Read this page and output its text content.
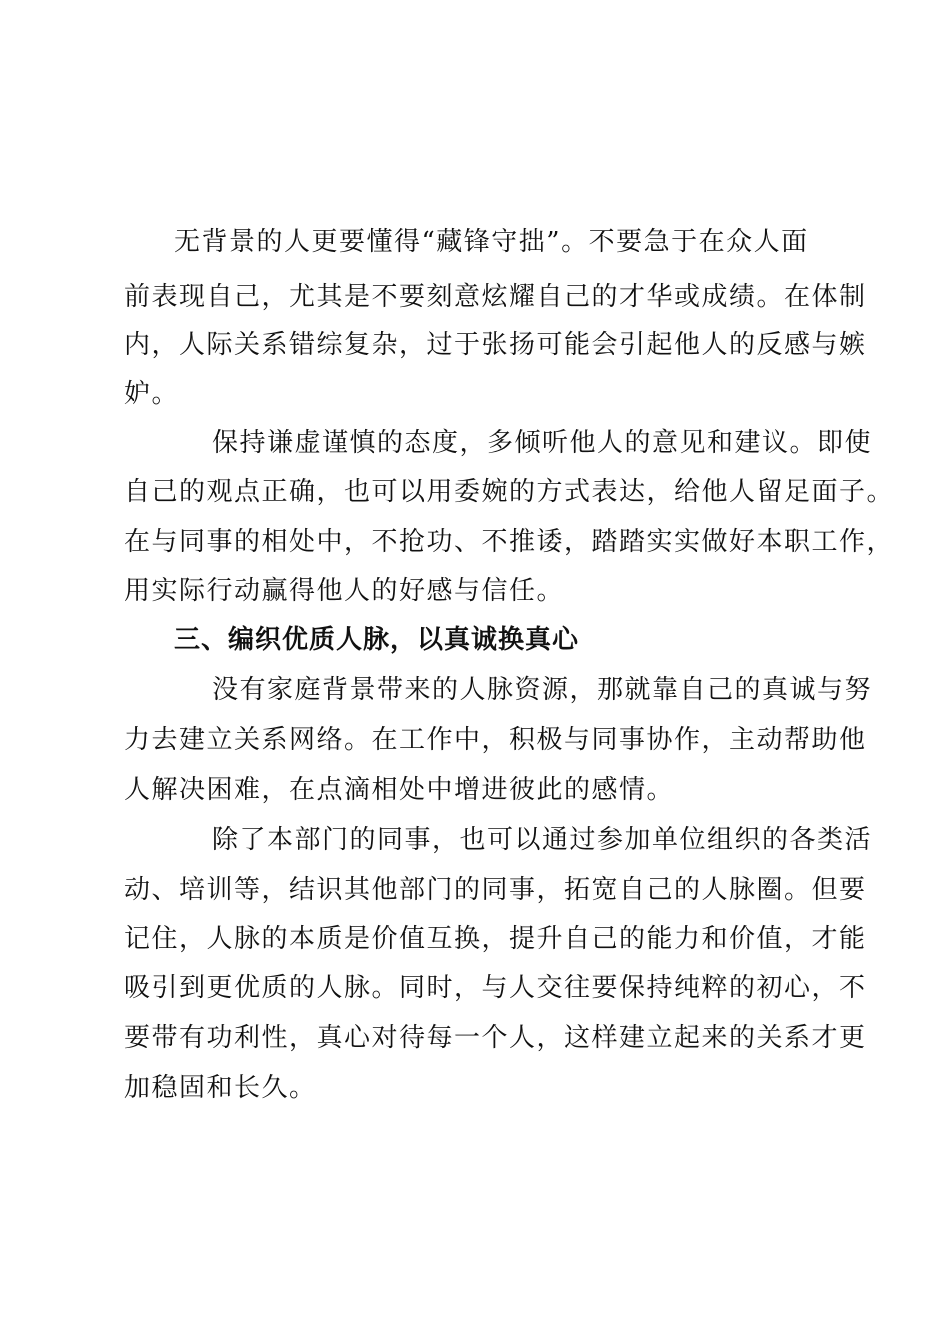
无背景的人更要懂得“藏锋守拙”。不要急于在众人面
前表现自己，尤其是不要刻意炫耀自己的才华或成绩。在体制
内，人际关系错综复杂，过于张扬可能会引起他人的反感与嫉
妒。
保持谦虚谨慎的态度，多倾听他人的意见和建议。即使
自己的观点正确，也可以用委婉的方式表达，给他人留足面子。
在与同事的相处中，不抢功、不推诿，踏踏实实做好本职工作，
用实际行动赢得他人的好感与信任。
三、编织优质人脉，以真诚换真心
没有家庭背景带来的人脉资源，那就靠自己的真诚与努
力去建立关系网络。在工作中，积极与同事协作，主动帮助他
人解决困难，在点滴相处中增进彼此的感情。
除了本部门的同事，也可以通过参加单位组织的各类活
动、培训等，结识其他部门的同事，拓宽自己的人脉圈。但要
记住，人脉的本质是价值互换，提升自己的能力和价值，才能
吸引到更优质的人脉。同时，与人交往要保持纯粹的初心，不
要带有功利性，真心对待每一个人，这样建立起来的关系才更
加稳固和长久。
